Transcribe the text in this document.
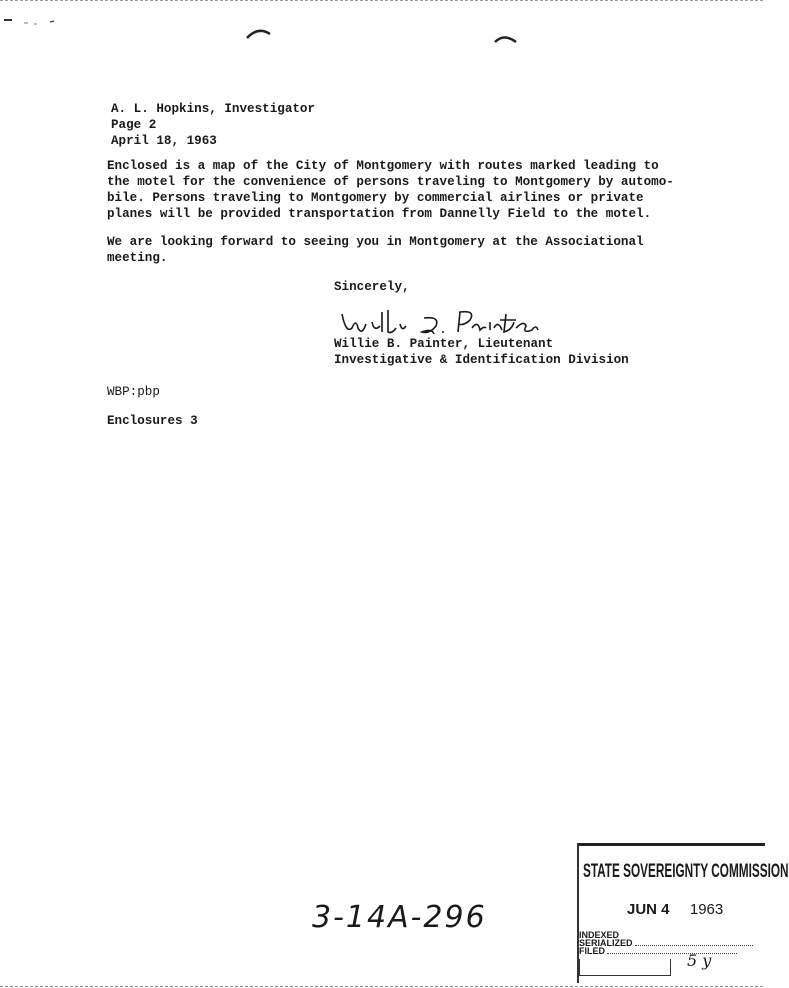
A. L. Hopkins, Investigator
Page 2
April 18, 1963
Enclosed is a map of the City of Montgomery with routes marked leading to
the motel for the convenience of persons traveling to Montgomery by automo-
bile. Persons traveling to Montgomery by commercial airlines or private
planes will be provided transportation from Dannelly Field to the motel.
We are looking forward to seeing you in Montgomery at the Associational
meeting.
Sincerely,
Willie B. Painter, Lieutenant
Investigative & Identification Division
WBP:pbp
Enclosures 3
3-14A-296
STATE SOVEREIGNTY COMMISSION
JUN 4 1963
INDEXED
SERIALIZED
FILED	5 y
